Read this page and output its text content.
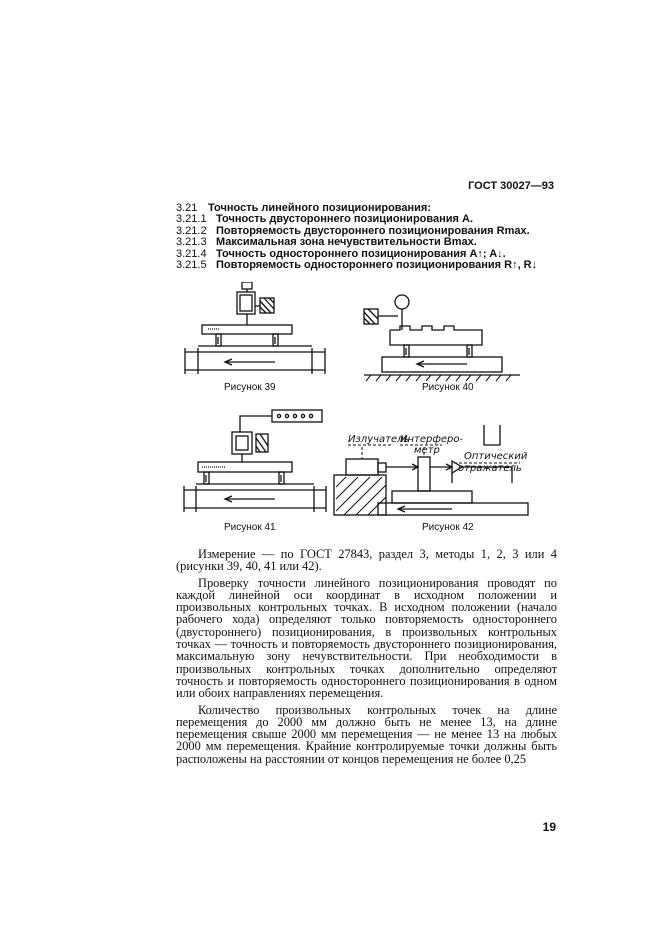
ГОСТ 30027—93
3.21 Точность линейного позиционирования:
3.21.1 Точность двустороннего позиционирования A.
3.21.2 Повторяемость двустороннего позиционирования Rmax.
3.21.3 Максимальная зона нечувствительности Bmax.
3.21.4 Точность одностороннего позиционирования A↑; A↓.
3.21.5 Повторяемость одностороннего позиционирования R↑, R↓
Рисунок 39	Рисунок 40
Рисунок 41
Излучатель
Интерферо-
метр
Оптический
отражатель
Рисунок 42

Измерение — по ГОСТ 27843, раздел 3, методы 1, 2, 3 или 4 (рисунки 39, 40, 41 или 42).

Проверку точности линейного позиционирования проводят по каждой линейной оси координат в исходном положении и произвольных контрольных точках. В исходном положении (начало рабочего хода) определяют только повторяемость одностороннего (двустороннего) позиционирования, в произвольных контрольных точках — точность и повторяемость двустороннего позиционирования, максимальную зону нечувствительности. При необходимости в произвольных контрольных точках дополнительно определяют точность и повторяемость одностороннего позиционирования в одном или обоих направлениях перемещения.

Количество произвольных контрольных точек на длине перемещения до 2000 мм должно быть не менее 13, на длине перемещения свыше 2000 мм перемещения — не менее 13 на любых 2000 мм перемещения. Крайние контролируемые точки должны быть расположены на расстоянии от концов перемещения не более 0,25

19
